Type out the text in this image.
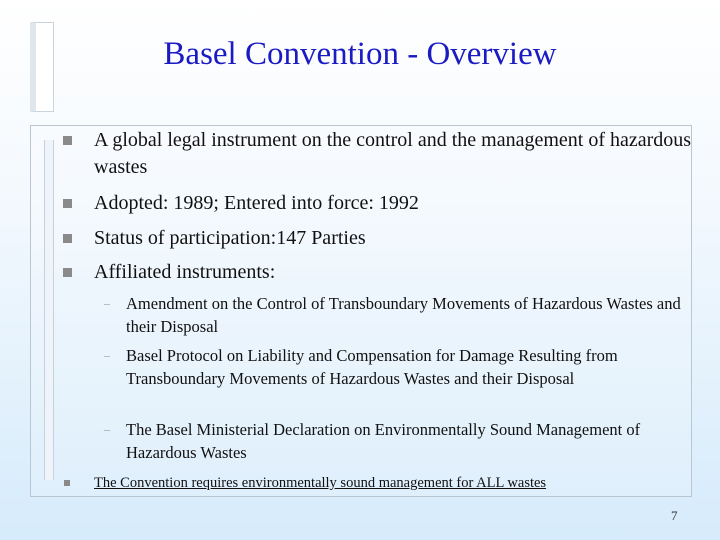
Basel Convention - Overview
A global legal instrument on the control and the management of hazardous wastes
Adopted: 1989; Entered into force: 1992
Status of participation:147 Parties
Affiliated instruments:
– Amendment on the Control of Transboundary Movements of Hazardous Wastes and their Disposal
– Basel Protocol on Liability and Compensation for Damage Resulting from Transboundary Movements of Hazardous Wastes and their Disposal
– The Basel Ministerial Declaration on Environmentally Sound Management of Hazardous Wastes
The Convention requires environmentally sound management for ALL wastes
7
